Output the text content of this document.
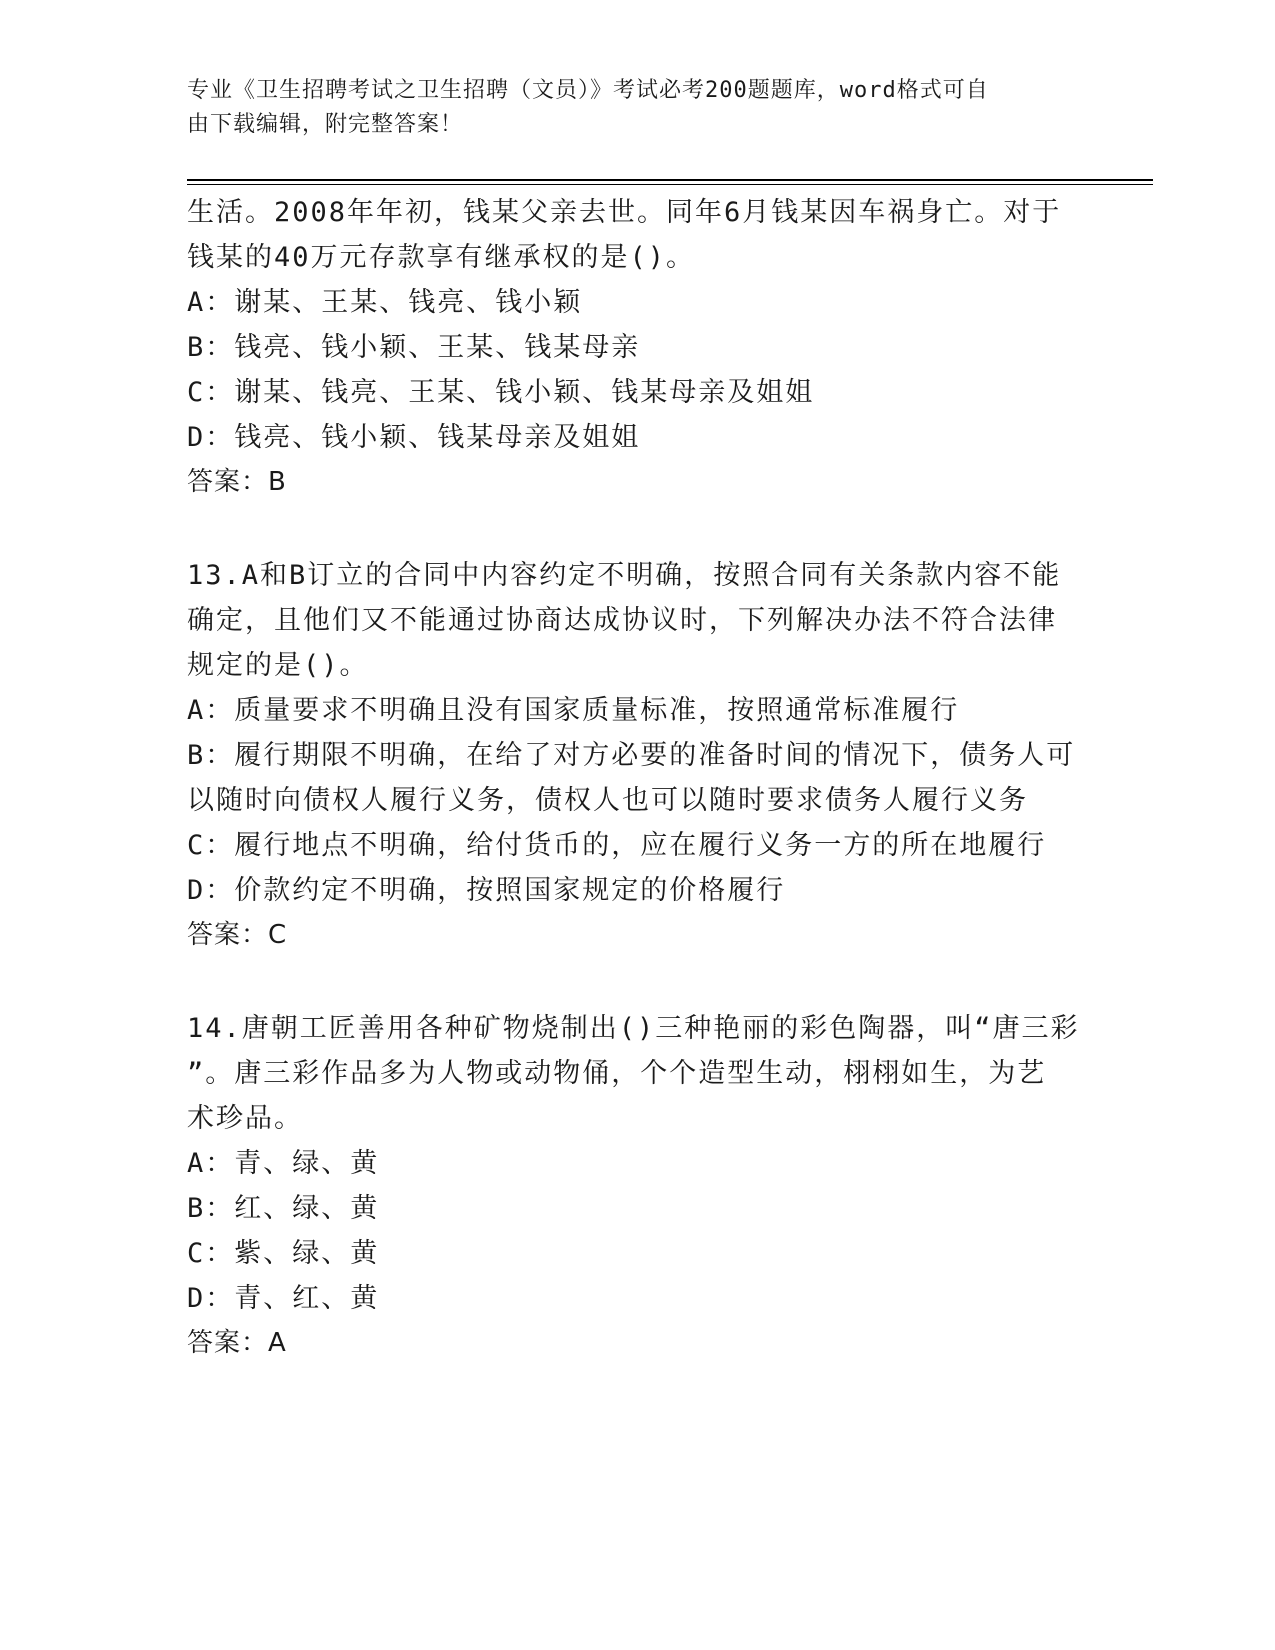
专业《卫生招聘考试之卫生招聘（文员）》考试必考200题题库，word格式可自
由下载编辑，附完整答案！
生活。2008年年初，钱某父亲去世。同年6月钱某因车祸身亡。对于
钱某的40万元存款享有继承权的是()。
A：谢某、王某、钱亮、钱小颖
B：钱亮、钱小颖、王某、钱某母亲
C：谢某、钱亮、王某、钱小颖、钱某母亲及姐姐
D：钱亮、钱小颖、钱某母亲及姐姐
答案：B
13.A和B订立的合同中内容约定不明确，按照合同有关条款内容不能
确定，且他们又不能通过协商达成协议时，下列解决办法不符合法律
规定的是()。
A：质量要求不明确且没有国家质量标准，按照通常标准履行
B：履行期限不明确，在给了对方必要的准备时间的情况下，债务人可
以随时向债权人履行义务，债权人也可以随时要求债务人履行义务
C：履行地点不明确，给付货币的，应在履行义务一方的所在地履行
D：价款约定不明确，按照国家规定的价格履行
答案：C
14.唐朝工匠善用各种矿物烧制出()三种艳丽的彩色陶器，叫“唐三彩
”。唐三彩作品多为人物或动物俑，个个造型生动，栩栩如生，为艺
术珍品。
A：青、绿、黄
B：红、绿、黄
C：紫、绿、黄
D：青、红、黄
答案：A
